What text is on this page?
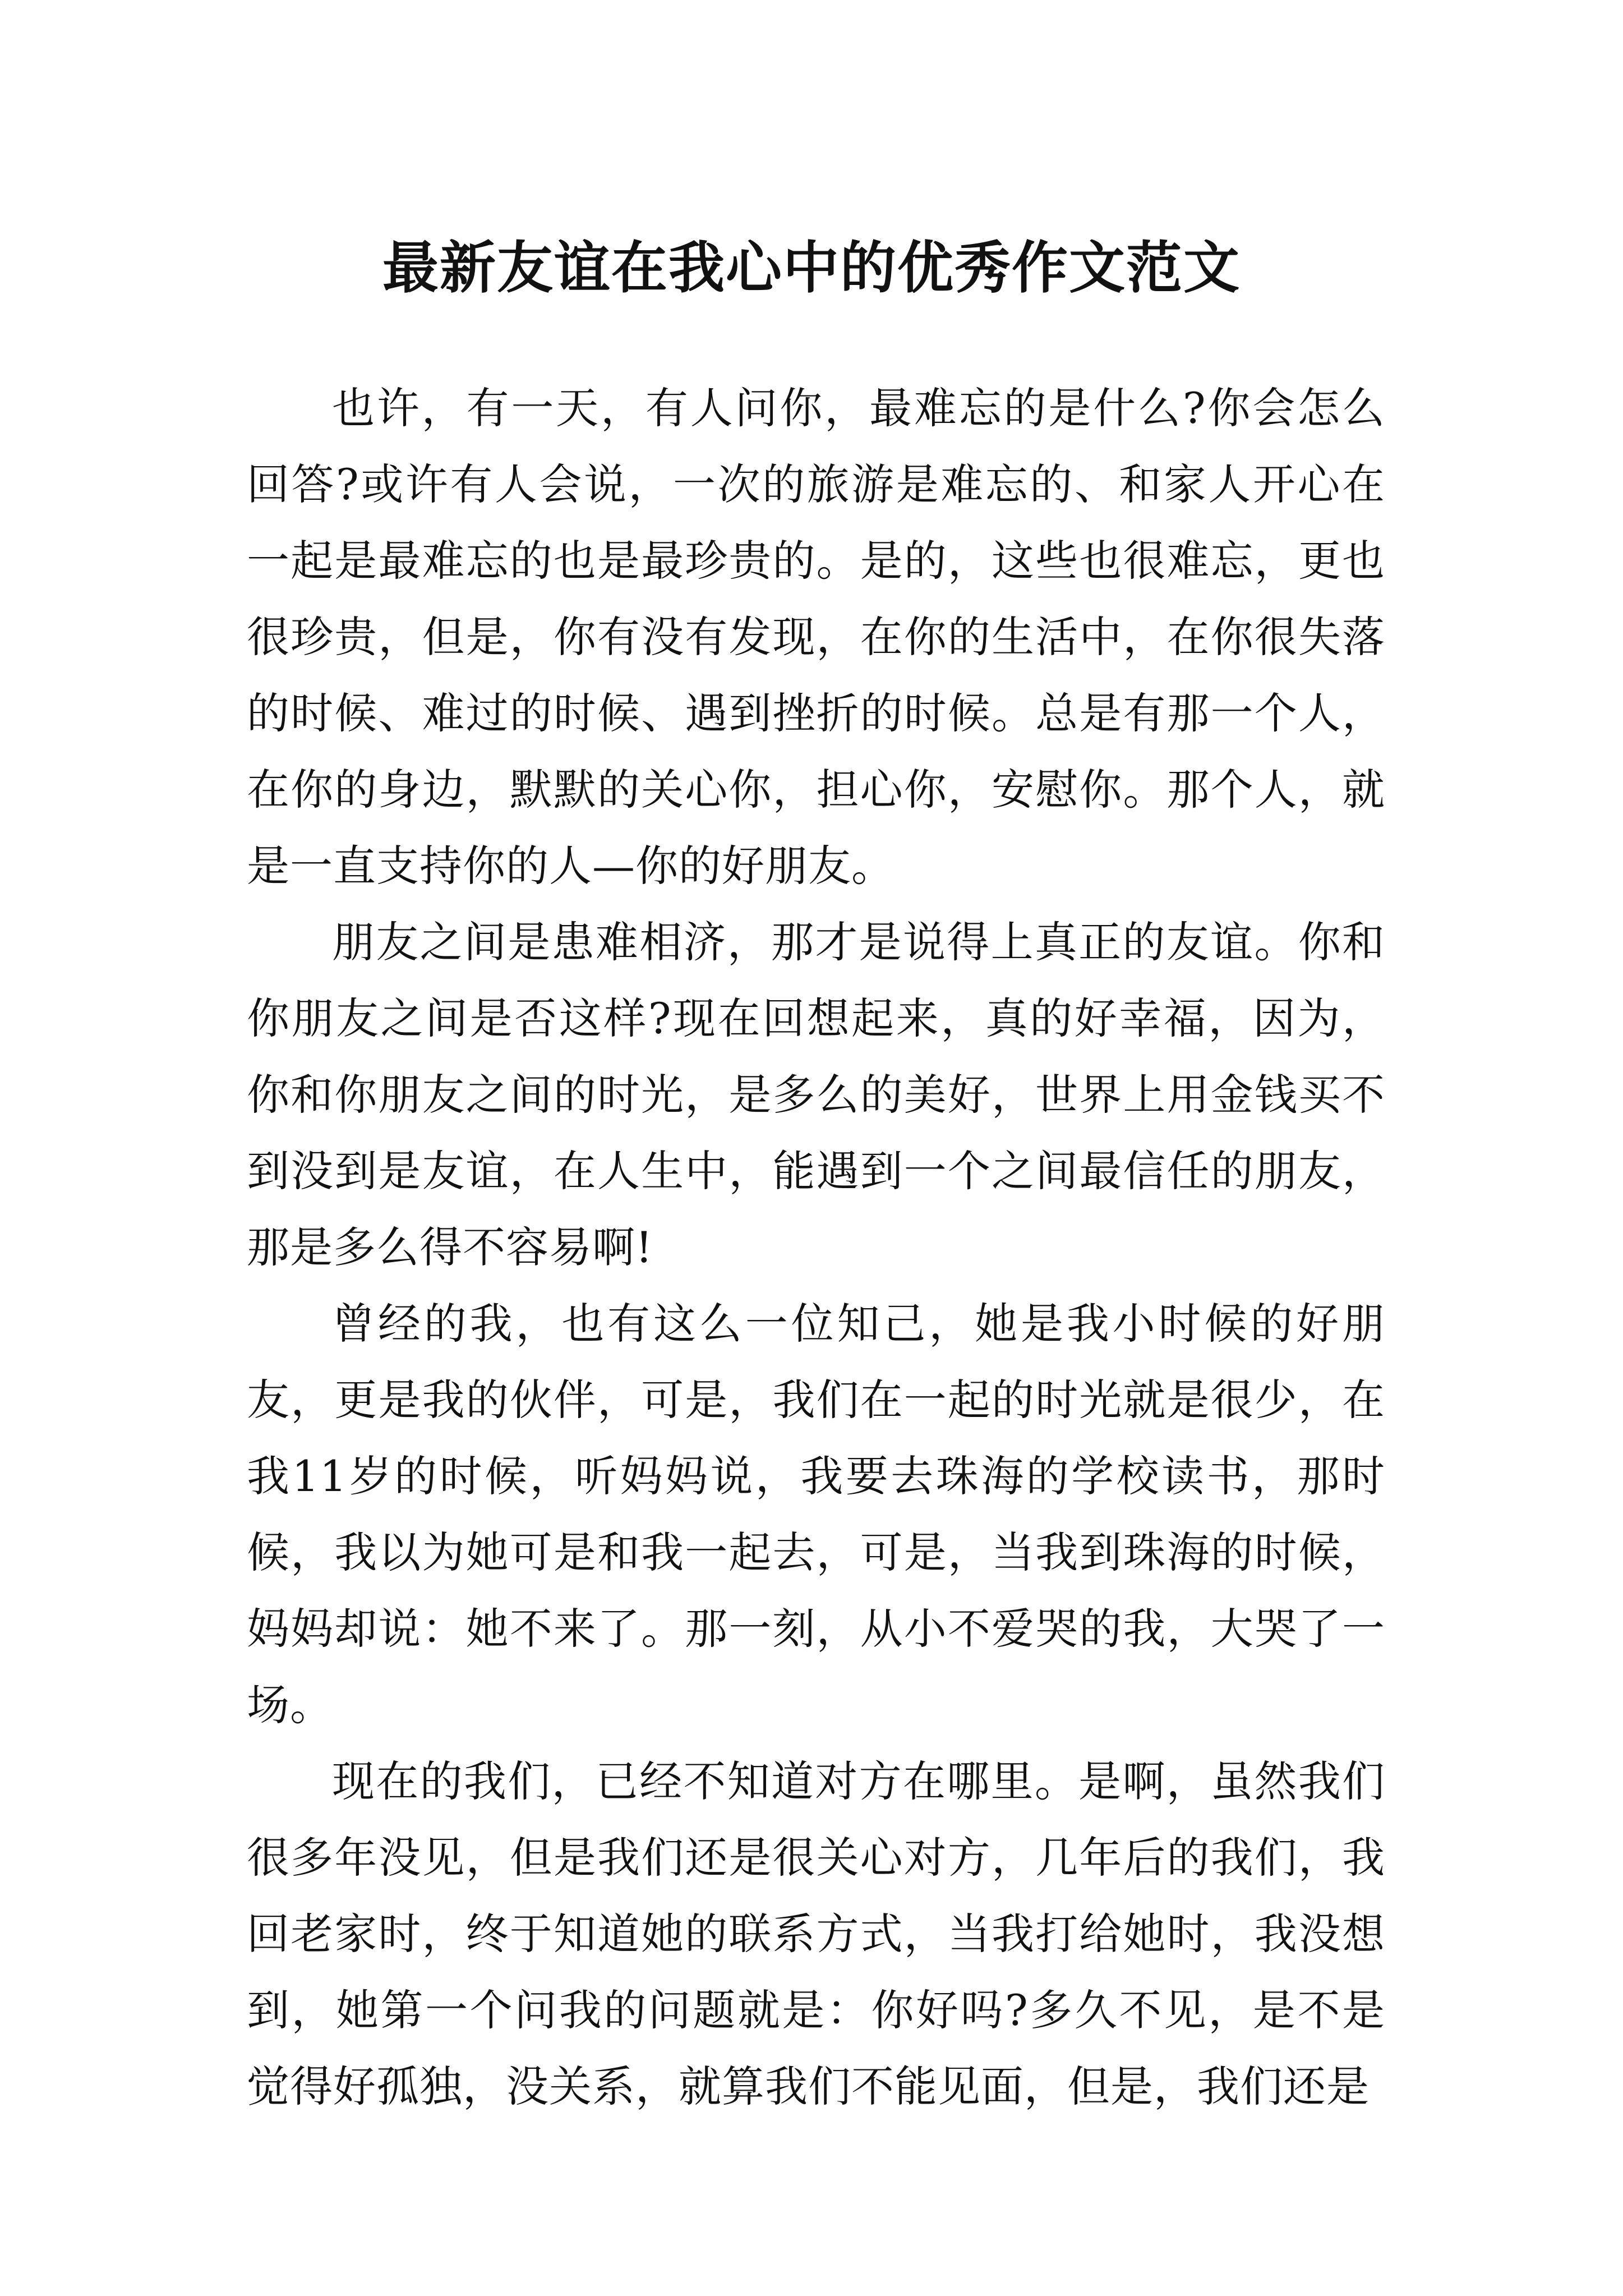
最新友谊在我心中的优秀作文范文

也许，有一天，有人问你，最难忘的是什么?你会怎么回答?或许有人会说，一次的旅游是难忘的、和家人开心在一起是最难忘的也是最珍贵的。是的，这些也很难忘，更也很珍贵，但是，你有没有发现，在你的生活中，在你很失落的时候、难过的时候、遇到挫折的时候。总是有那一个人，在你的身边，默默的关心你，担心你，安慰你。那个人，就是一直支持你的人—你的好朋友。

朋友之间是患难相济，那才是说得上真正的友谊。你和你朋友之间是否这样?现在回想起来，真的好幸福，因为，你和你朋友之间的时光，是多么的美好，世界上用金钱买不到没到是友谊，在人生中，能遇到一个之间最信任的朋友，那是多么得不容易啊!

曾经的我，也有这么一位知己，她是我小时候的好朋友，更是我的伙伴，可是，我们在一起的时光就是很少，在我11岁的时候，听妈妈说，我要去珠海的学校读书，那时候，我以为她可是和我一起去，可是，当我到珠海的时候，妈妈却说：她不来了。那一刻，从小不爱哭的我，大哭了一场。

现在的我们，已经不知道对方在哪里。是啊，虽然我们很多年没见，但是我们还是很关心对方，几年后的我们，我回老家时，终于知道她的联系方式，当我打给她时，我没想到，她第一个问我的问题就是：你好吗?多久不见，是不是觉得好孤独，没关系，就算我们不能见面，但是，我们还是
